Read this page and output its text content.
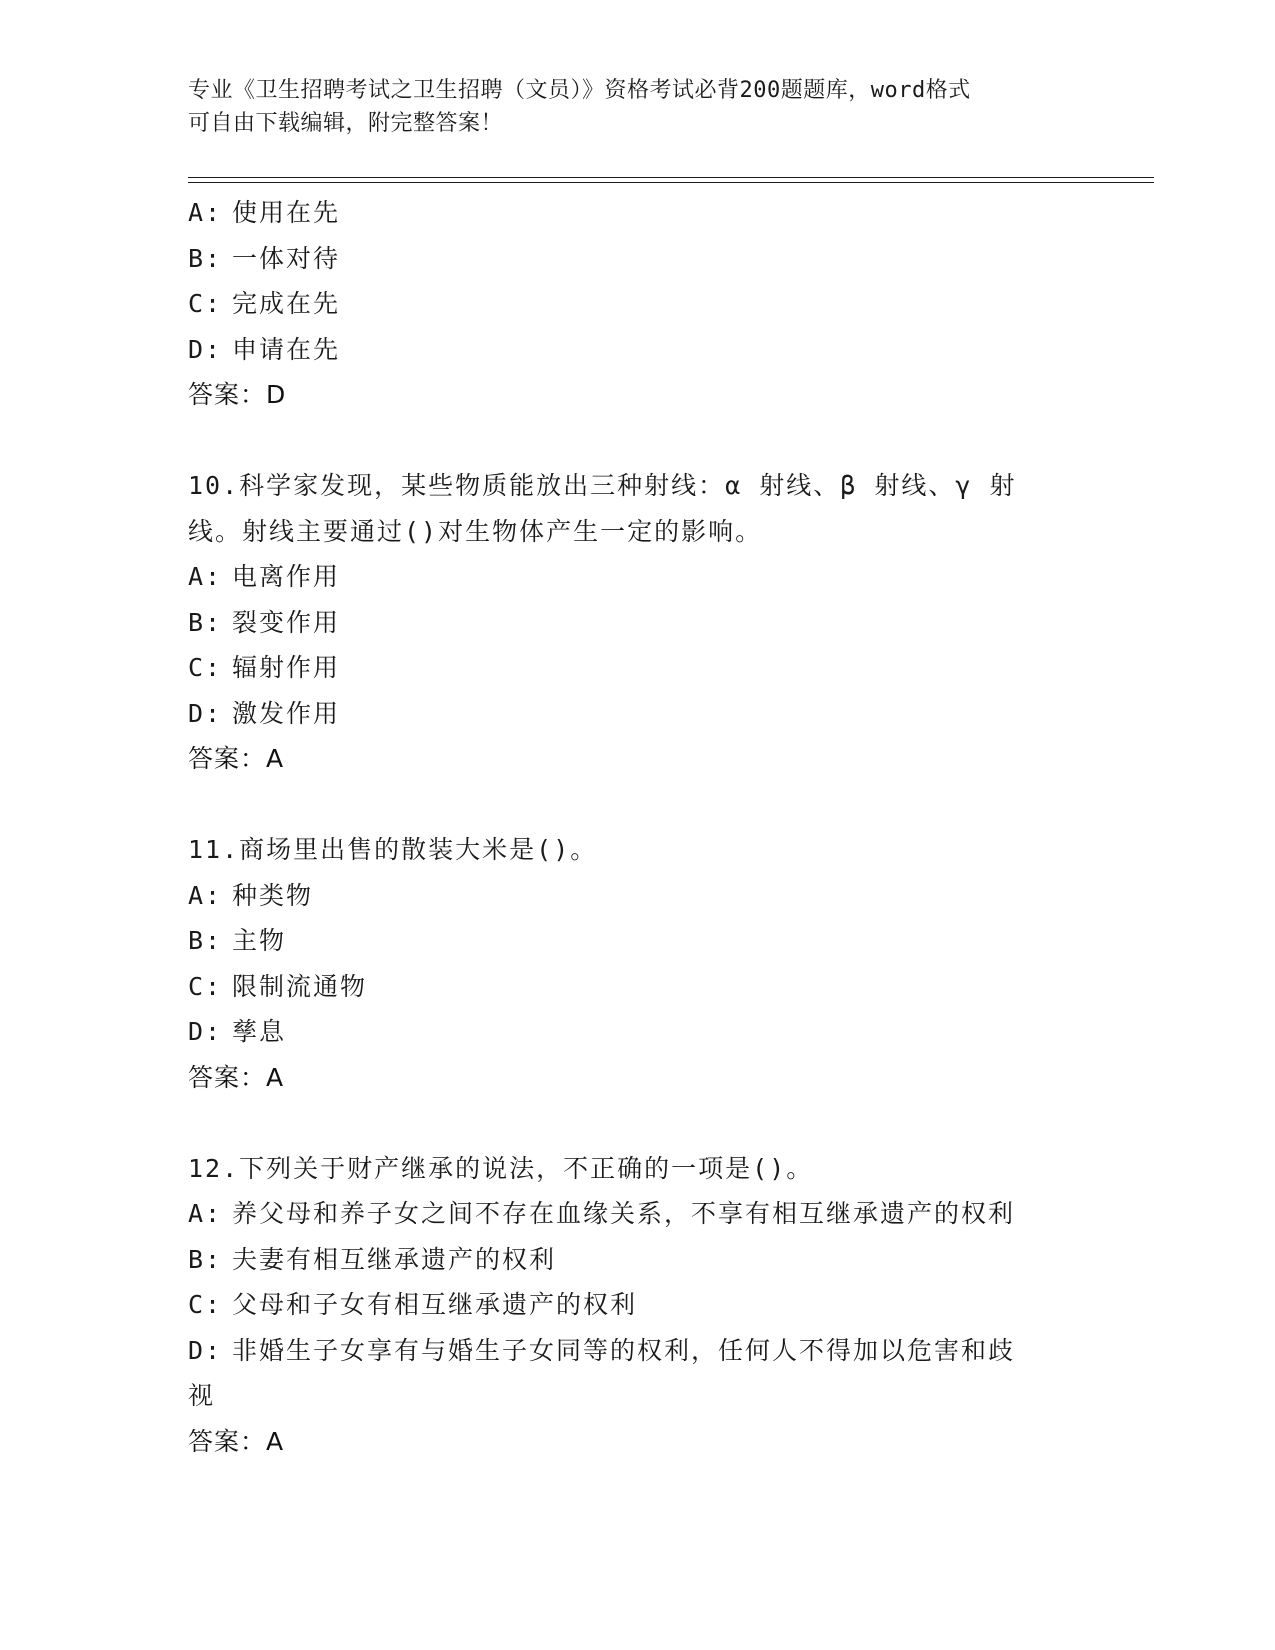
专业《卫生招聘考试之卫生招聘（文员）》资格考试必背200题题库，word格式
可自由下载编辑，附完整答案！
A: 使用在先
B: 一体对待
C: 完成在先
D: 申请在先
答案：D
10.科学家发现，某些物质能放出三种射线：α 射线、β 射线、γ 射
线。射线主要通过()对生物体产生一定的影响。
A: 电离作用
B: 裂变作用
C: 辐射作用
D: 激发作用
答案：A
11.商场里出售的散装大米是()。
A: 种类物
B: 主物
C: 限制流通物
D: 孳息
答案：A
12.下列关于财产继承的说法，不正确的一项是()。
A: 养父母和养子女之间不存在血缘关系，不享有相互继承遗产的权利
B: 夫妻有相互继承遗产的权利
C: 父母和子女有相互继承遗产的权利
D: 非婚生子女享有与婚生子女同等的权利，任何人不得加以危害和歧
视
答案：A
